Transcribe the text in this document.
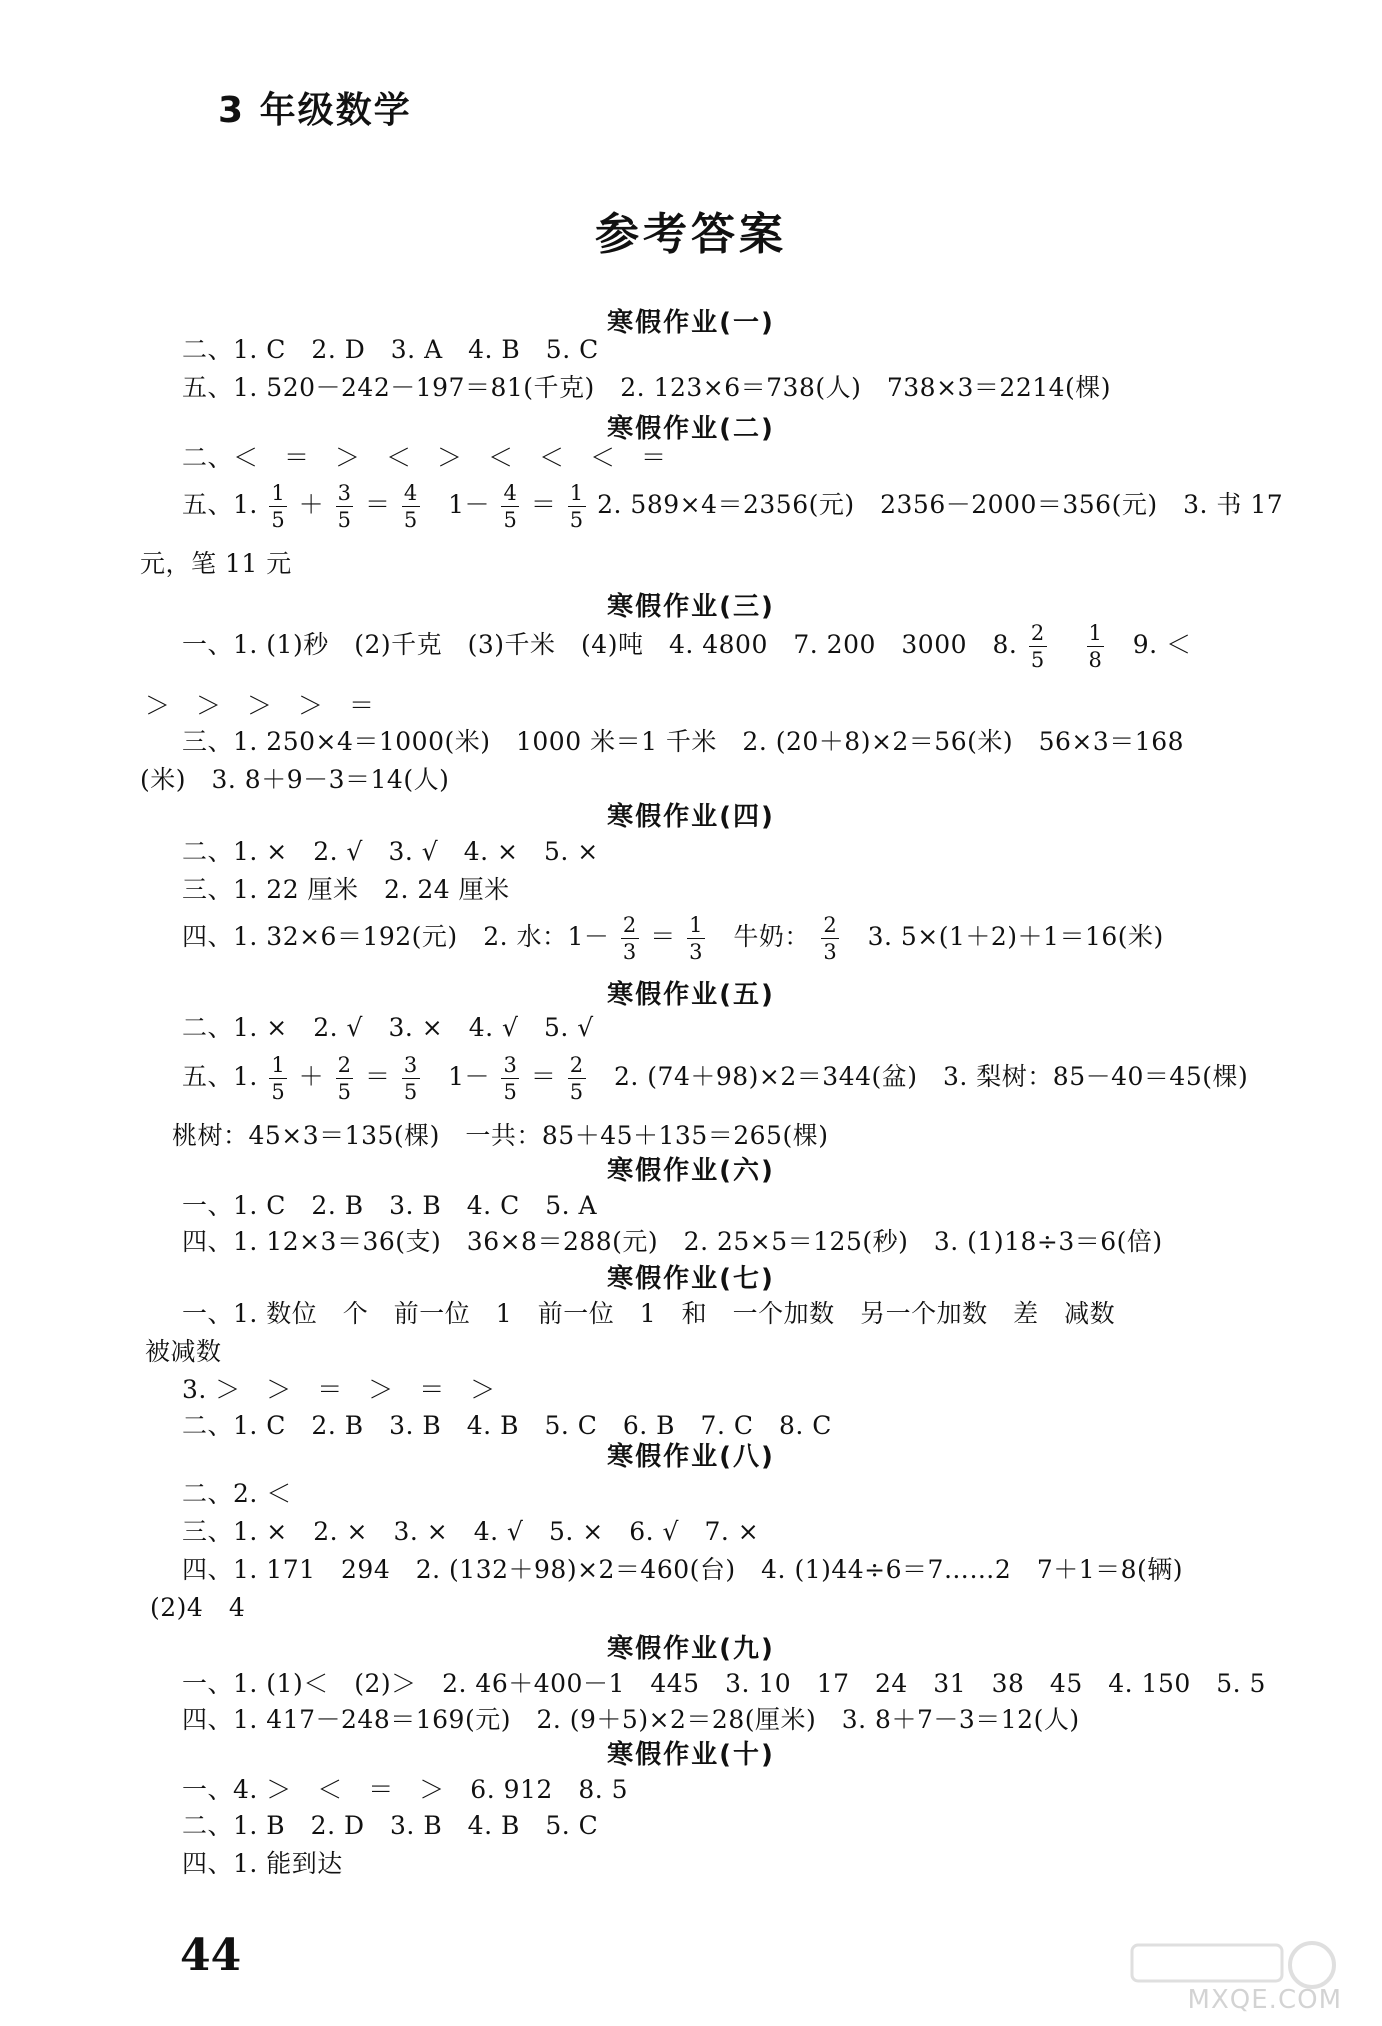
3 年级数学
参考答案
寒假作业(一)
寒假作业(二)
寒假作业(三)
寒假作业(四)
寒假作业(五)
寒假作业(六)
寒假作业(七)
寒假作业(八)
寒假作业(九)
寒假作业(十)
二、1. C　2. D　3. A　4. B　5. C
五、1. 520－242－197＝81(千克)　2. 123×6＝738(人)　738×3＝2214(棵)
二、＜　＝　＞　＜　＞　＜　＜　＜　＝
五、1. $\frac{1}{5} + \frac{3}{5} = \frac{4}{5} 1- \frac{4}{5} = \frac{1}{5} 2$. 589×4＝2356(元)　2356－2000＝356(元)　3. 书 17
元，笔 11 元
一、1. (1)秒　(2)千克　(3)千米　(4)吨　4. 4800　7. 200　3000　8. $\frac{2}{5}$
$\frac{1}{8} 9$. ＜
＞　＞　＞　＞　＝
三、1. 250×4＝1000(米)　1000 米＝1 千米　2. (20＋8)×2＝56(米)　56×3＝168
(米)　3. 8＋9－3＝14(人)
二、1. ×　2. √　3. √　4. ×　5. ×
三、1. 22 厘米　2. 24 厘米
四、1. 32×6＝192(元)　2. 水：$1- \frac{2}{3} = \frac{1}{3}$ 牛奶： $\frac{2}{3} 3$. 5×(1＋2)＋1＝16(米)
二、1. ×　2. √　3. ×　4. √　5. √
五、1. $\frac{1}{5} + \frac{2}{5} = \frac{3}{5} 1- \frac{3}{5} = \frac{2}{5} 2$. (74＋98)×2＝344(盆)　3. 梨树：85－40＝45(棵)
桃树：45×3＝135(棵)　一共：85＋45＋135＝265(棵)
一、1. C　2. B　3. B　4. C　5. A
四、1. 12×3＝36(支)　36×8＝288(元)　2. 25×5＝125(秒)　3. (1)18÷3＝6(倍)
一、1. 数位　个　前一位　1　前一位　1　和　一个加数　另一个加数　差　减数
被减数
3. ＞　＞　＝　＞　＝　＞
二、1. C　2. B　3. B　4. B　5. C　6. B　7. C　8. C
二、2. ＜
三、1. ×　2. ×　3. ×　4. √　5. ×　6. √　7. ×
四、1. 171　294　2. (132＋98)×2＝460(台)　4. (1)44÷6＝7……2　7＋1＝8(辆)
(2)4　4
一、1. (1)＜　(2)＞　2. 46＋400－1　445　3. 10　17　24　31　38　45　4. 150　5. 5
四、1. 417－248＝169(元)　2. (9＋5)×2＝28(厘米)　3. 8＋7－3＝12(人)
一、4. ＞　＜　＝　＞　6. 912　8. 5
二、1. B　2. D　3. B　4. B　5. C
四、1. 能到达
44
MXQE.COM
